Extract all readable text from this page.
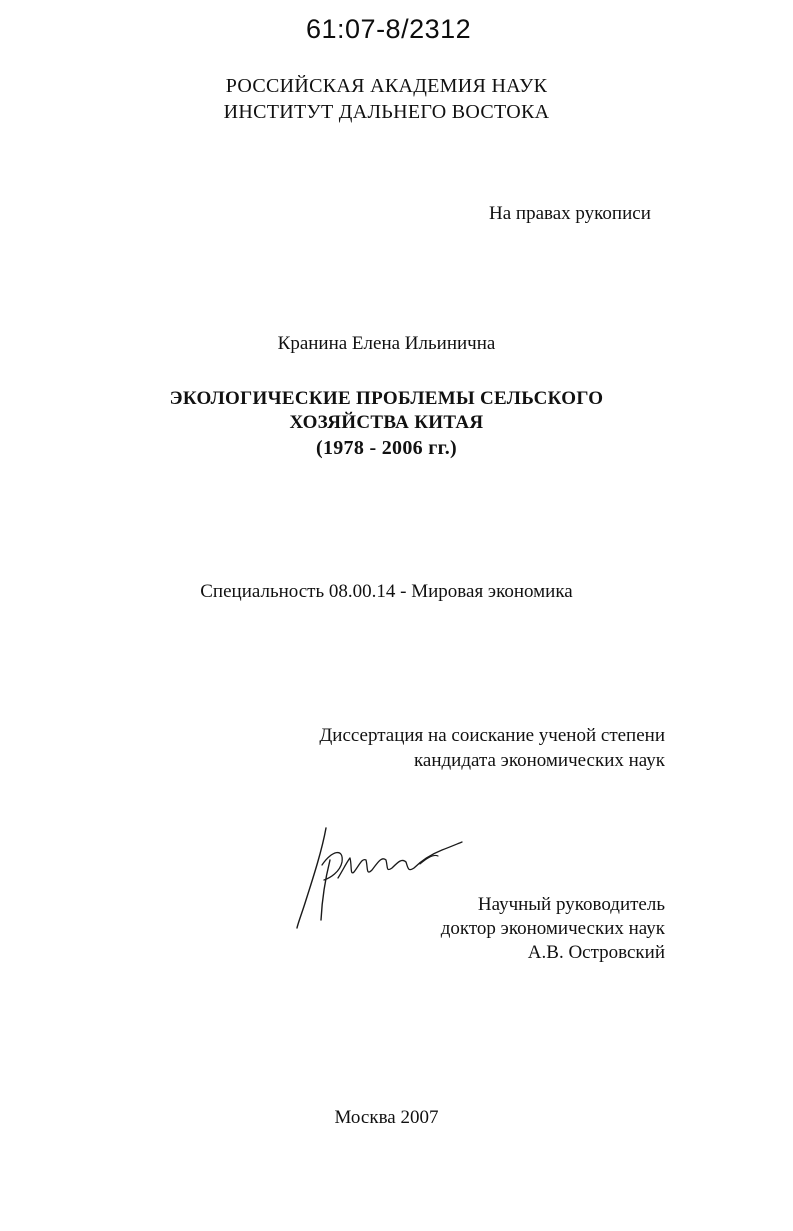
61:07-8/2312
РОССИЙСКАЯ АКАДЕМИЯ НАУК
ИНСТИТУТ ДАЛЬНЕГО ВОСТОКА
На правах рукописи
Кранина Елена Ильинична
ЭКОЛОГИЧЕСКИЕ ПРОБЛЕМЫ СЕЛЬСКОГО
ХОЗЯЙСТВА КИТАЯ
(1978 - 2006 гг.)
Специальность 08.00.14 - Мировая экономика
Диссертация на соискание ученой степени
кандидата экономических наук
Научный руководитель
доктор экономических наук
А.В. Островский
Москва 2007
